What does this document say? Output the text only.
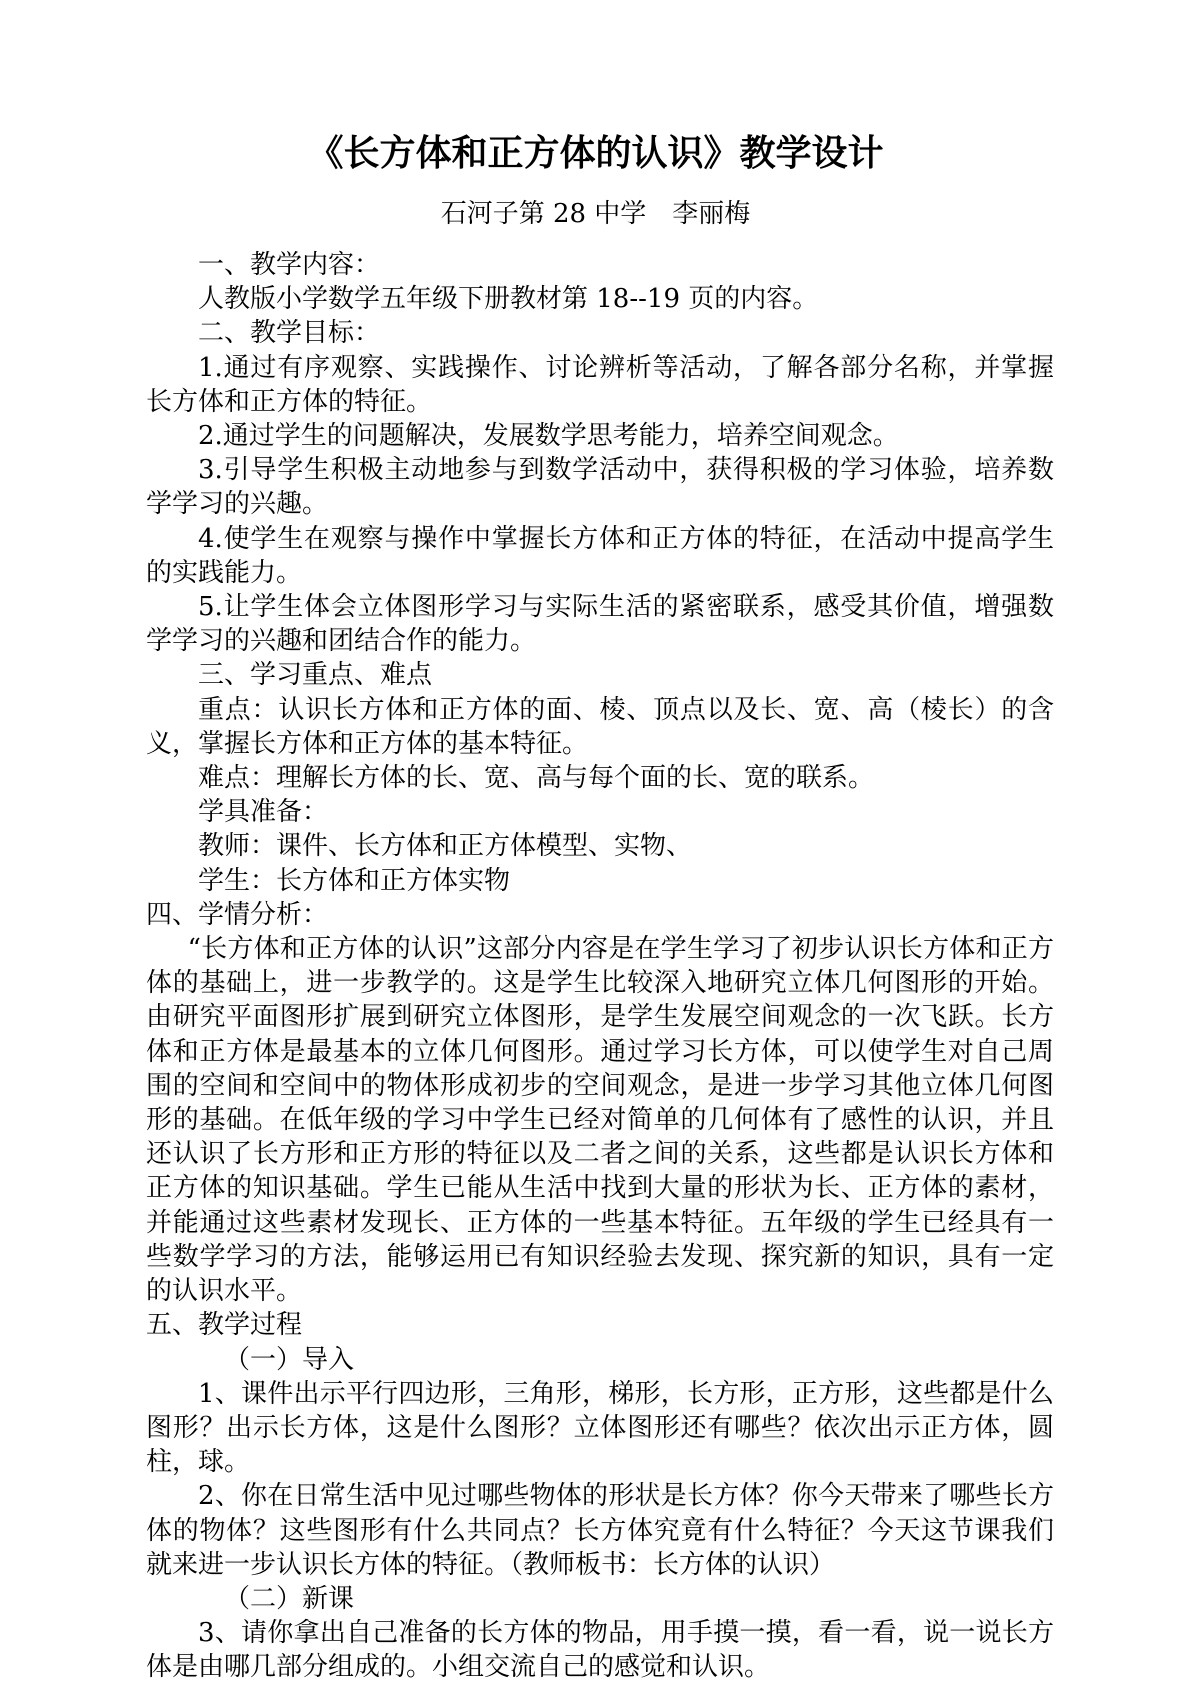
《长方体和正方体的认识》教学设计
石河子第 28 中学　李丽梅

一、教学内容：

人教版小学数学五年级下册教材第 18--19 页的内容。

二、教学目标：

1.通过有序观察、实践操作、讨论辨析等活动，了解各部分名称，并掌握长方体和正方体的特征。

2.通过学生的问题解决，发展数学思考能力，培养空间观念。

3.引导学生积极主动地参与到数学活动中，获得积极的学习体验，培养数学学习的兴趣。

4.使学生在观察与操作中掌握长方体和正方体的特征，在活动中提高学生的实践能力。

5.让学生体会立体图形学习与实际生活的紧密联系，感受其价值，增强数学学习的兴趣和团结合作的能力。

三、学习重点、难点

重点：认识长方体和正方体的面、棱、顶点以及长、宽、高（棱长）的含义，掌握长方体和正方体的基本特征。

难点：理解长方体的长、宽、高与每个面的长、宽的联系。

学具准备：

教师：课件、长方体和正方体模型、实物、

学生：长方体和正方体实物

四、学情分析：

“长方体和正方体的认识”这部分内容是在学生学习了初步认识长方体和正方体的基础上，进一步教学的。这是学生比较深入地研究立体几何图形的开始。由研究平面图形扩展到研究立体图形，是学生发展空间观念的一次飞跃。长方体和正方体是最基本的立体几何图形。通过学习长方体，可以使学生对自己周围的空间和空间中的物体形成初步的空间观念，是进一步学习其他立体几何图形的基础。在低年级的学习中学生已经对简单的几何体有了感性的认识，并且还认识了长方形和正方形的特征以及二者之间的关系，这些都是认识长方体和正方体的知识基础。学生已能从生活中找到大量的形状为长、正方体的素材，并能通过这些素材发现长、正方体的一些基本特征。五年级的学生已经具有一些数学学习的方法，能够运用已有知识经验去发现、探究新的知识，具有一定的认识水平。

五、教学过程

（一）导入

1、课件出示平行四边形，三角形，梯形，长方形，正方形，这些都是什么图形？出示长方体，这是什么图形？立体图形还有哪些？依次出示正方体，圆柱，球。

2、你在日常生活中见过哪些物体的形状是长方体？你今天带来了哪些长方体的物体？这些图形有什么共同点？长方体究竟有什么特征？今天这节课我们就来进一步认识长方体的特征。（教师板书：长方体的认识）

（二）新课

3、请你拿出自己准备的长方体的物品，用手摸一摸，看一看，说一说长方体是由哪几部分组成的。小组交流自己的感觉和认识。
